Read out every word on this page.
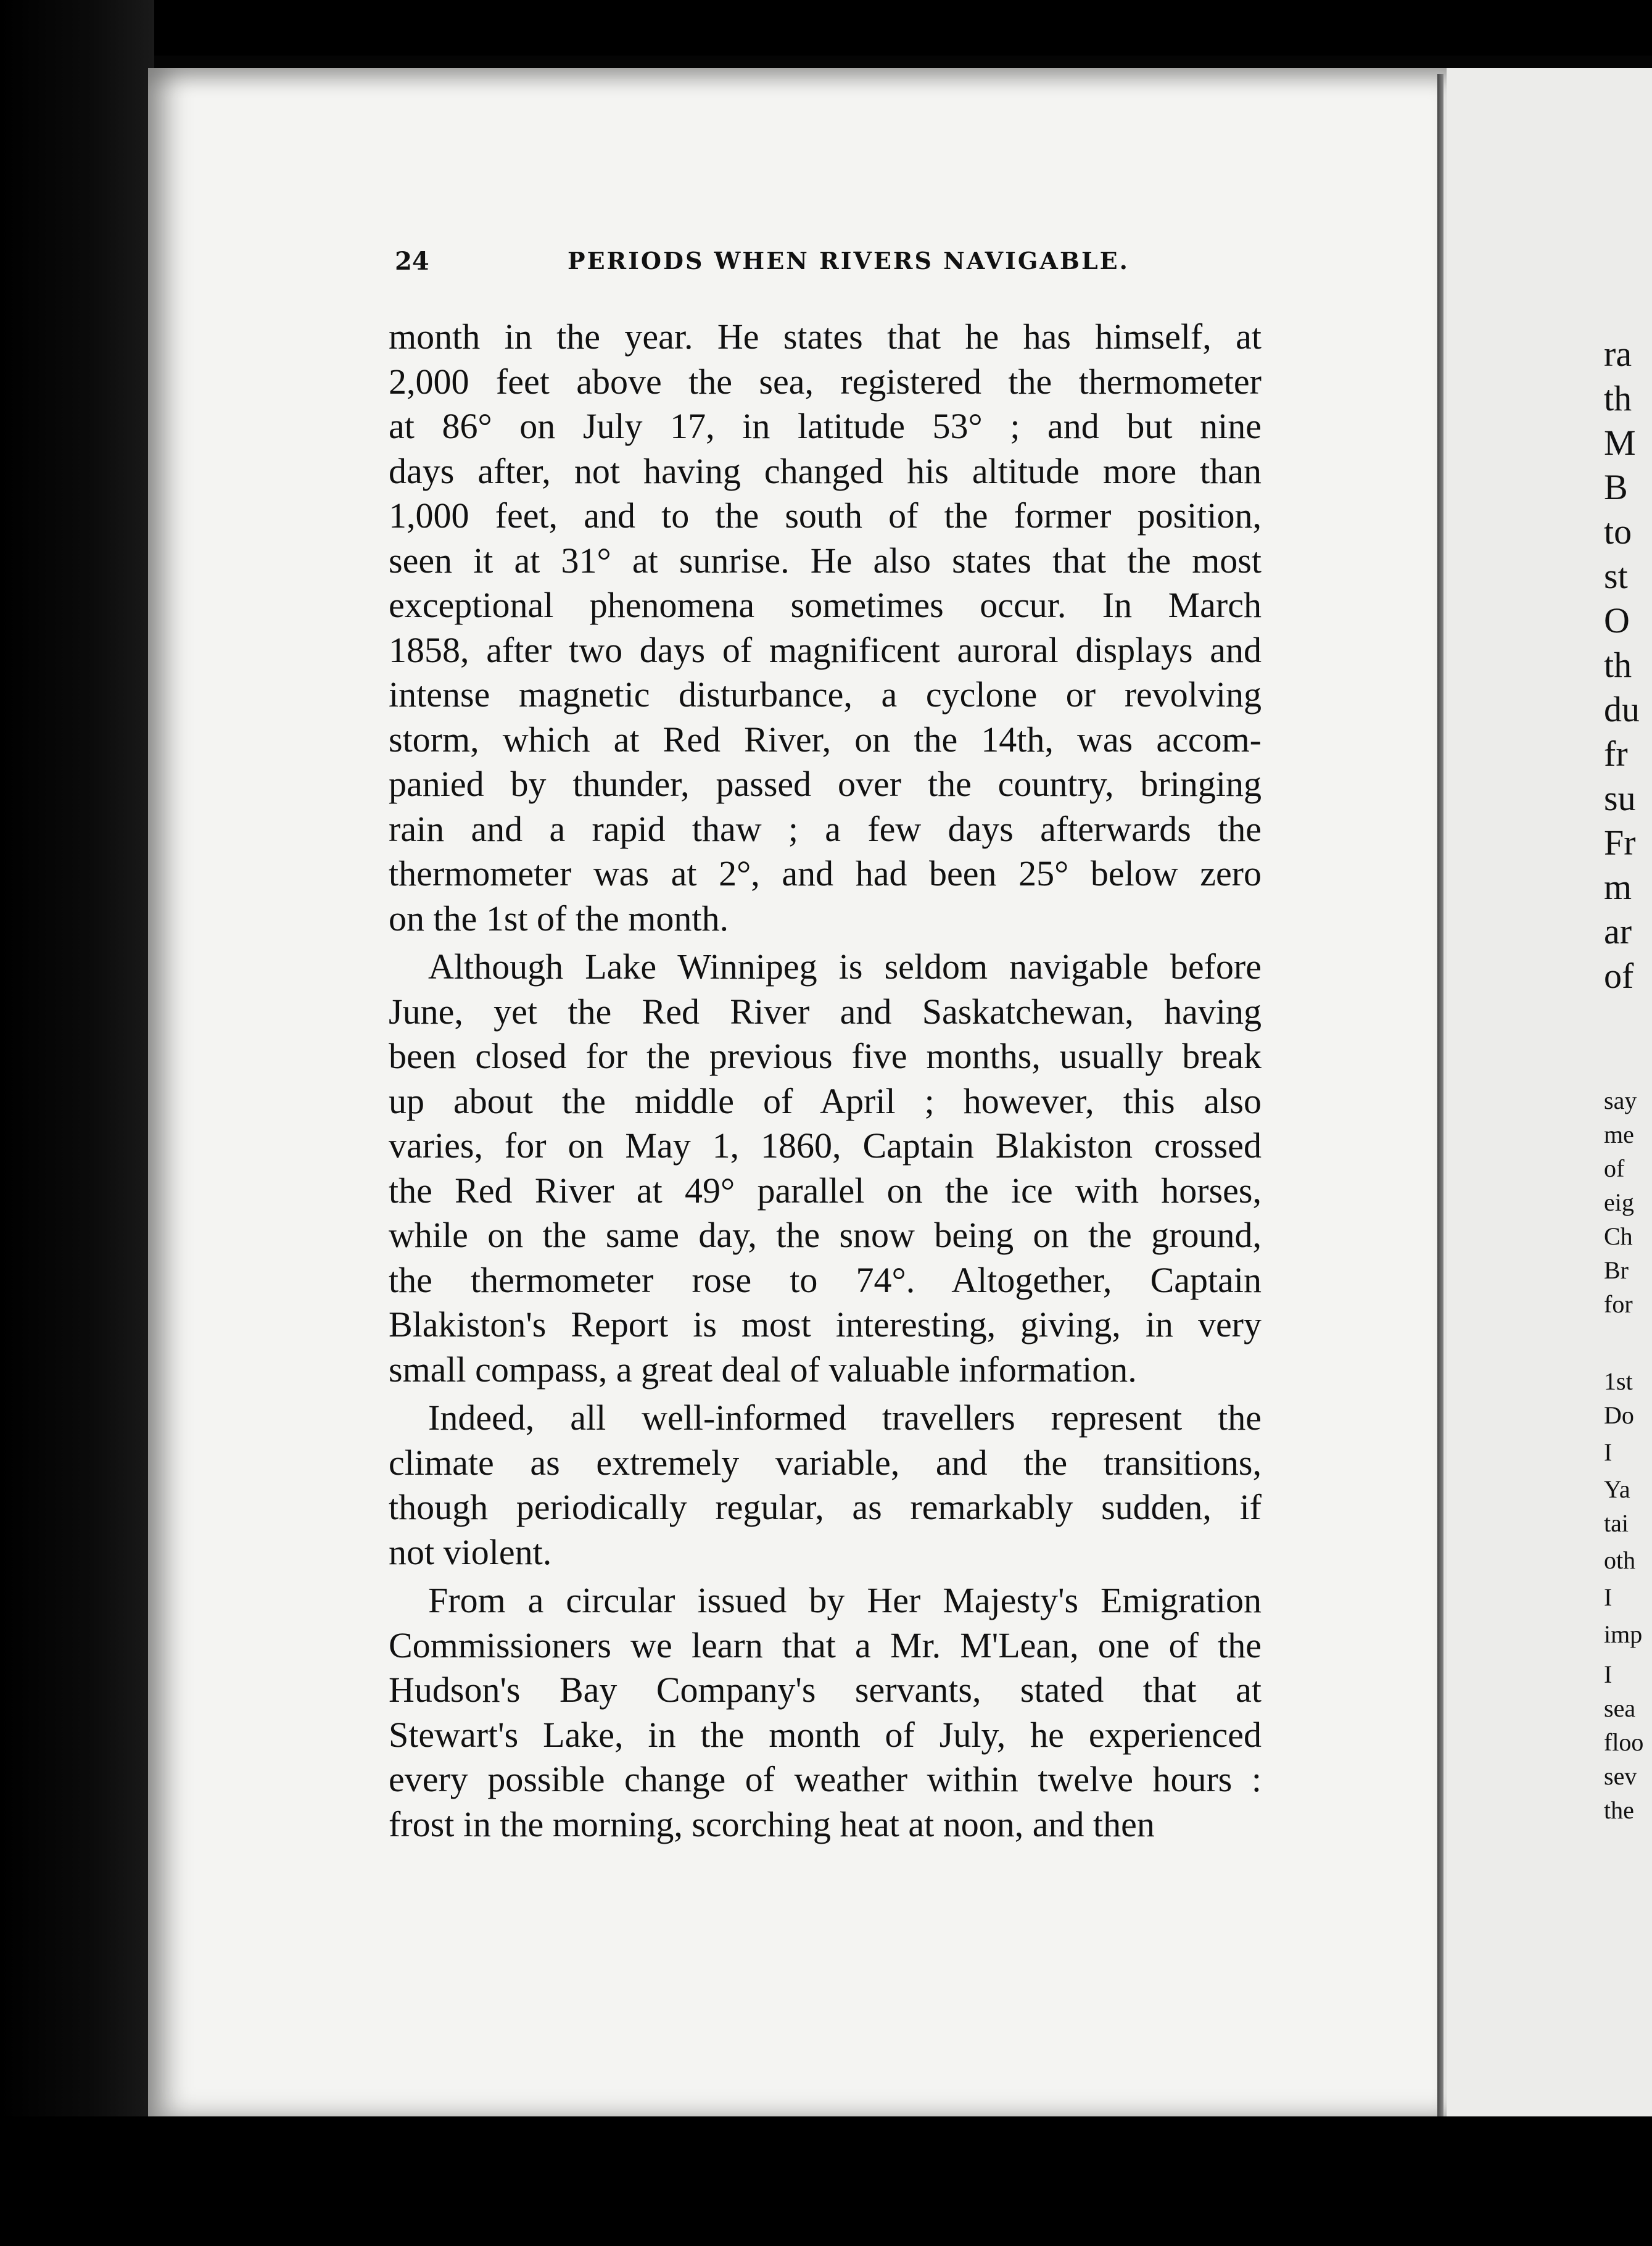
24	PERIODS WHEN RIVERS NAVIGABLE.
month in the year. He states that he has himself, at
2,000 feet above the sea, registered the thermometer
at 86° on July 17, in latitude 53° ; and but nine
days after, not having changed his altitude more than
1,000 feet, and to the south of the former position,
seen it at 31° at sunrise. He also states that the most
exceptional phenomena sometimes occur. In March
1858, after two days of magnificent auroral displays and
intense magnetic disturbance, a cyclone or revolving
storm, which at Red River, on the 14th, was accom-
panied by thunder, passed over the country, bringing
rain and a rapid thaw ; a few days afterwards the
thermometer was at 2°, and had been 25° below zero
on the 1st of the month.
Although Lake Winnipeg is seldom navigable before
June, yet the Red River and Saskatchewan, having
been closed for the previous five months, usually break
up about the middle of April ; however, this also
varies, for on May 1, 1860, Captain Blakiston crossed
the Red River at 49° parallel on the ice with horses,
while on the same day, the snow being on the ground,
the thermometer rose to 74°. Altogether, Captain
Blakiston's Report is most interesting, giving, in very
small compass, a great deal of valuable information.
Indeed, all well-informed travellers represent the
climate as extremely variable, and the transitions,
though periodically regular, as remarkably sudden, if
not violent.
From a circular issued by Her Majesty's Emigration
Commissioners we learn that a Mr. M'Lean, one of the
Hudson's Bay Company's servants, stated that at
Stewart's Lake, in the month of July, he experienced
every possible change of weather within twelve hours :
frost in the morning, scorching heat at noon, and then
ra
th
M
B
to
st
O
th
du
fr
su
Fr
m
ar
of
say
me
of
eig
Ch
Br
for
1st
Do
I
Ya
tai
oth
I
imp
I
sea
floo
sev
the
